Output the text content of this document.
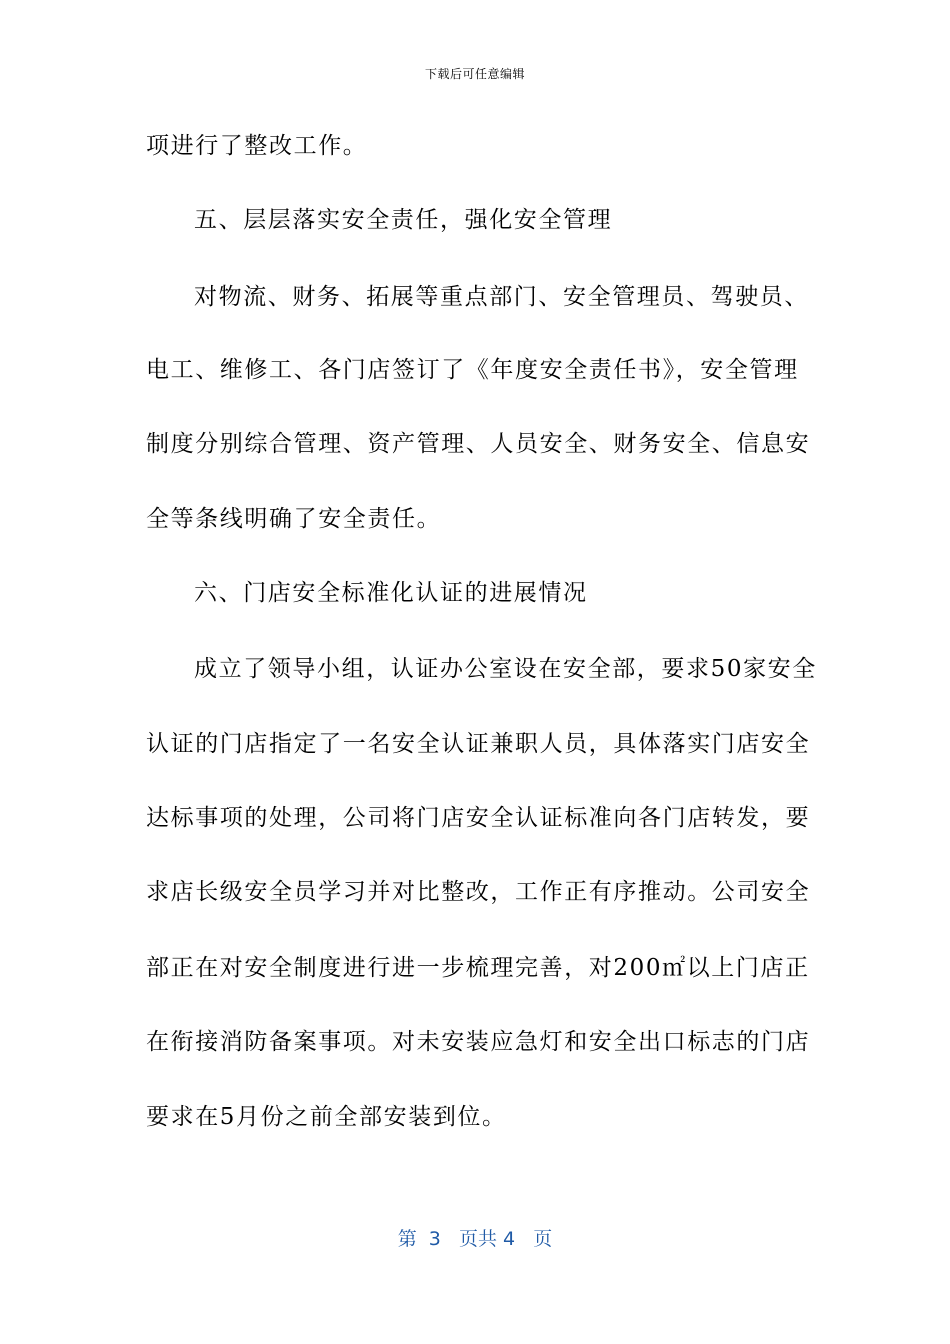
下载后可任意编辑
项进行了整改工作。
五、层层落实安全责任，强化安全管理
对物流、财务、拓展等重点部门、安全管理员、驾驶员、
电工、维修工、各门店签订了《年度安全责任书》，安全管理
制度分别综合管理、资产管理、人员安全、财务安全、信息安
全等条线明确了安全责任。
六、门店安全标准化认证的进展情况
成立了领导小组，认证办公室设在安全部，要求50家安全
认证的门店指定了一名安全认证兼职人员，具体落实门店安全
达标事项的处理，公司将门店安全认证标准向各门店转发，要
求店长级安全员学习并对比整改，工作正有序推动。公司安全
部正在对安全制度进行进一步梳理完善，对200㎡以上门店正
在衔接消防备案事项。对未安装应急灯和安全出口标志的门店
要求在5月份之前全部安装到位。
第  3   页共 4   页
